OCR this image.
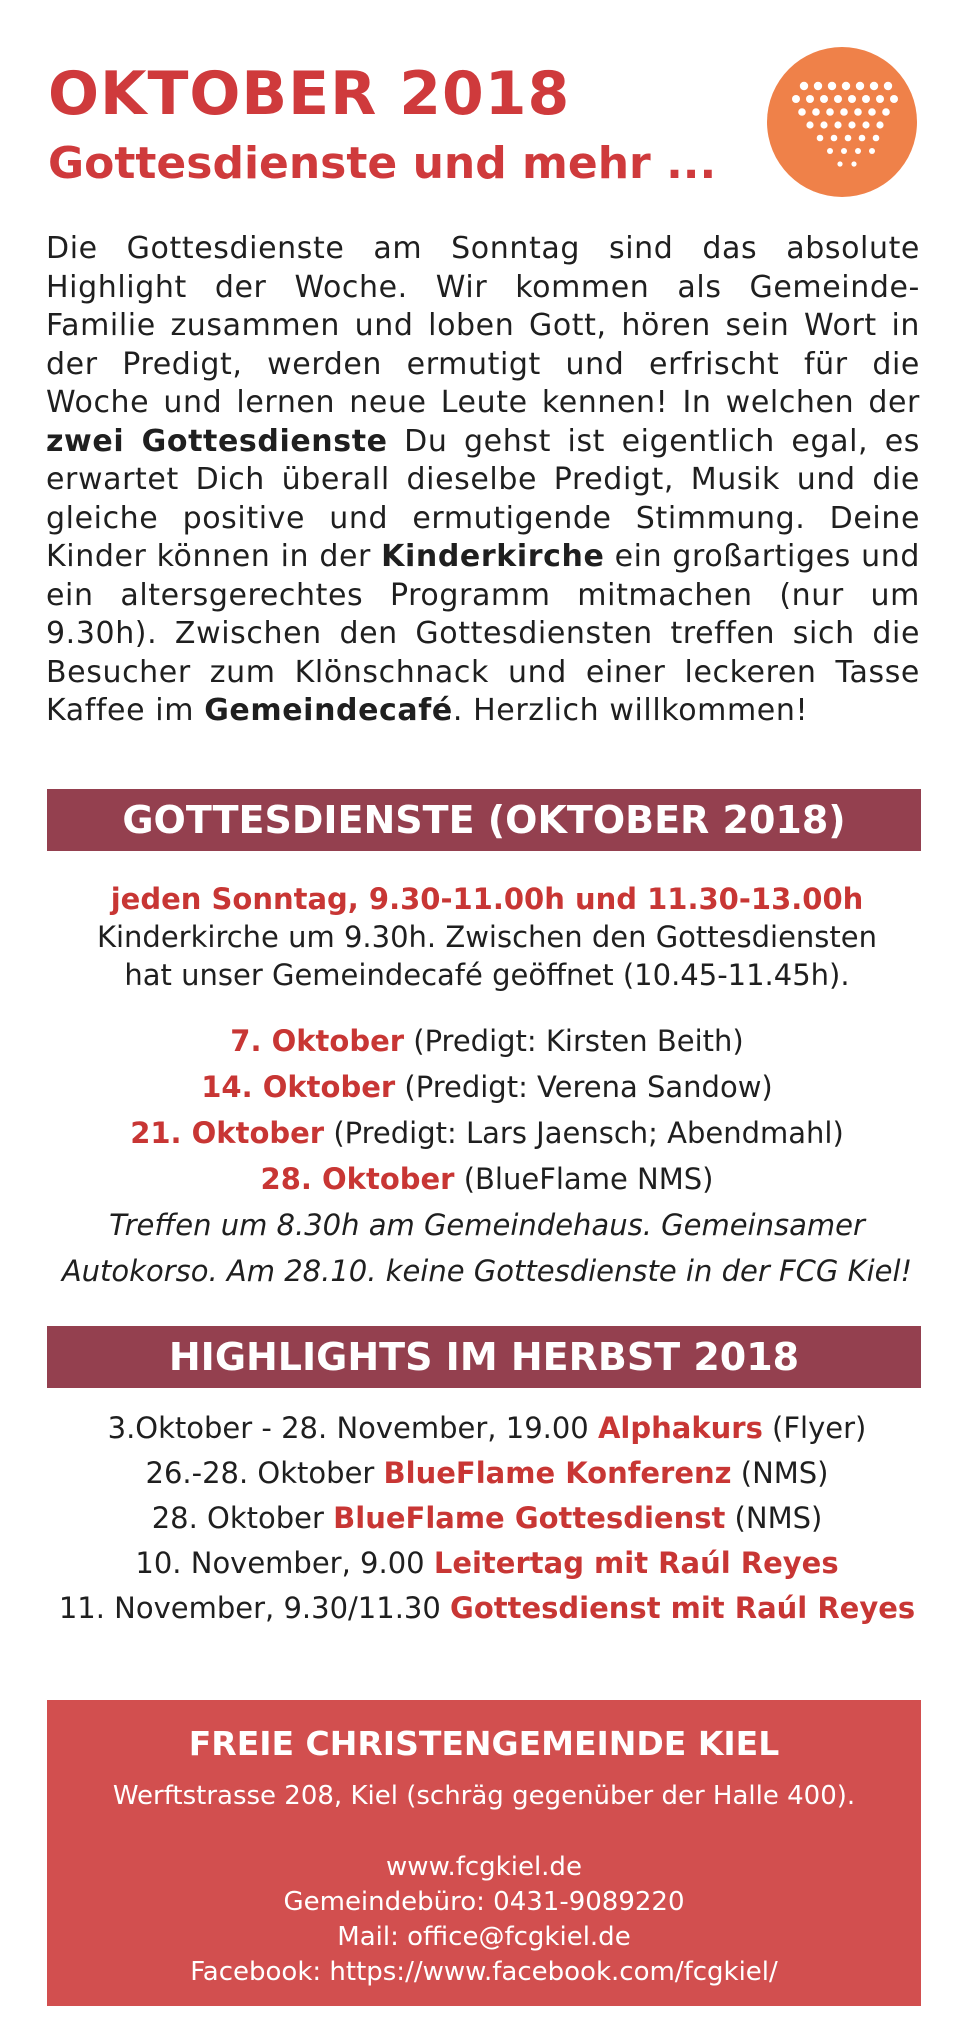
OKTOBER 2018
Gottesdienste und mehr ...
Die Gottesdienste am Sonntag sind das absolute Highlight der Woche. Wir kommen als Gemeinde-Familie zusammen und loben Gott, hören sein Wort in der Predigt, werden ermutigt und erfrischt für die Woche und lernen neue Leute kennen! In welchen der zwei Gottesdienste Du gehst ist eigentlich egal, es erwartet Dich überall dieselbe Predigt, Musik und die gleiche positive und ermutigende Stimmung. Deine Kinder können in der Kinderkirche ein großartiges und ein altersgerechtes Programm mitmachen (nur um 9.30h). Zwischen den Gottesdiensten treffen sich die Besucher zum Klönschnack und einer leckeren Tasse Kaffee im Gemeindecafé. Herzlich willkommen!
GOTTESDIENSTE (OKTOBER 2018)
jeden Sonntag, 9.30-11.00h und 11.30-13.00h
Kinderkirche um 9.30h. Zwischen den Gottesdiensten
hat unser Gemeindecafé geöffnet (10.45-11.45h).
7. Oktober (Predigt: Kirsten Beith)
14. Oktober (Predigt: Verena Sandow)
21. Oktober (Predigt: Lars Jaensch; Abendmahl)
28. Oktober (BlueFlame NMS)
Treffen um 8.30h am Gemeindehaus. Gemeinsamer
Autokorso. Am 28.10. keine Gottesdienste in der FCG Kiel!
HIGHLIGHTS IM HERBST 2018
3.Oktober - 28. November, 19.00 Alphakurs (Flyer)
26.-28. Oktober BlueFlame Konferenz (NMS)
28. Oktober BlueFlame Gottesdienst (NMS)
10. November, 9.00 Leitertag mit Raúl Reyes
11. November, 9.30/11.30 Gottesdienst mit Raúl Reyes
FREIE CHRISTENGEMEINDE KIEL
Werftstrasse 208, Kiel (schräg gegenüber der Halle 400).
www.fcgkiel.de
Gemeindebüro: 0431-9089220
Mail: office@fcgkiel.de
Facebook: https://www.facebook.com/fcgkiel/
